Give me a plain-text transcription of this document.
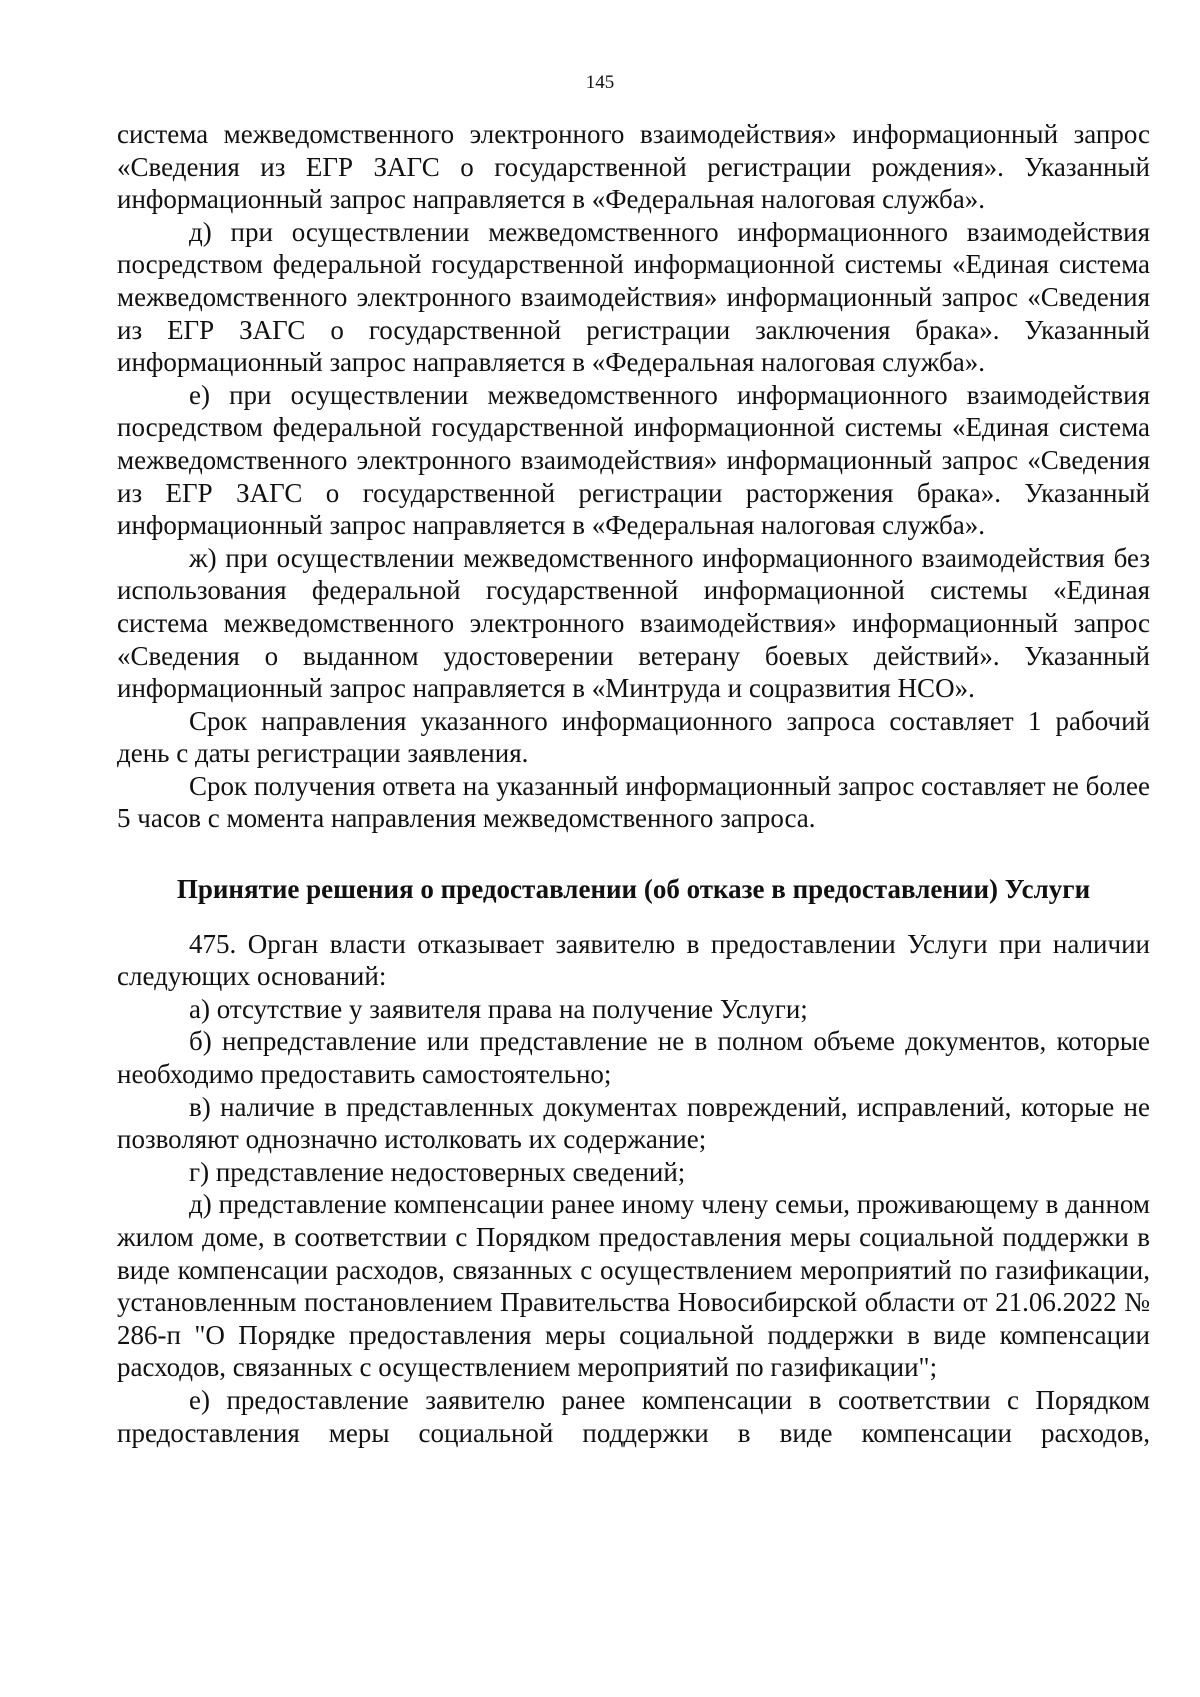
145

система межведомственного электронного взаимодействия» информационный запрос «Сведения из ЕГР ЗАГС о государственной регистрации рождения». Указанный информационный запрос направляется в «Федеральная налоговая служба».

д) при осуществлении межведомственного информационного взаимодействия посредством федеральной государственной информационной системы «Единая система межведомственного электронного взаимодействия» информационный запрос «Сведения из ЕГР ЗАГС о государственной регистрации заключения брака». Указанный информационный запрос направляется в «Федеральная налоговая служба».

е) при осуществлении межведомственного информационного взаимодействия посредством федеральной государственной информационной системы «Единая система межведомственного электронного взаимодействия» информационный запрос «Сведения из ЕГР ЗАГС о государственной регистрации расторжения брака». Указанный информационный запрос направляется в «Федеральная налоговая служба».

ж) при осуществлении межведомственного информационного взаимодействия без использования федеральной государственной информационной системы «Единая система межведомственного электронного взаимодействия» информационный запрос «Сведения о выданном удостоверении ветерану боевых действий». Указанный информационный запрос направляется в «Минтруда и соцразвития НСО».

Срок направления указанного информационного запроса составляет 1 рабочий день с даты регистрации заявления.

Срок получения ответа на указанный информационный запрос составляет не более 5 часов с момента направления межведомственного запроса.

Принятие решения о предоставлении (об отказе в предоставлении) Услуги

475. Орган власти отказывает заявителю в предоставлении Услуги при наличии следующих оснований:

а) отсутствие у заявителя права на получение Услуги;

б) непредставление или представление не в полном объеме документов, которые необходимо предоставить самостоятельно;

в) наличие в представленных документах повреждений, исправлений, которые не позволяют однозначно истолковать их содержание;

г) представление недостоверных сведений;

д) представление компенсации ранее иному члену семьи, проживающему в данном жилом доме, в соответствии с Порядком предоставления меры социальной поддержки в виде компенсации расходов, связанных с осуществлением мероприятий по газификации, установленным постановлением Правительства Новосибирской области от 21.06.2022 № 286-п "О Порядке предоставления меры социальной поддержки в виде компенсации расходов, связанных с осуществлением мероприятий по газификации";

е) предоставление заявителю ранее компенсации в соответствии с Порядком предоставления меры социальной поддержки в виде компенсации расходов,
